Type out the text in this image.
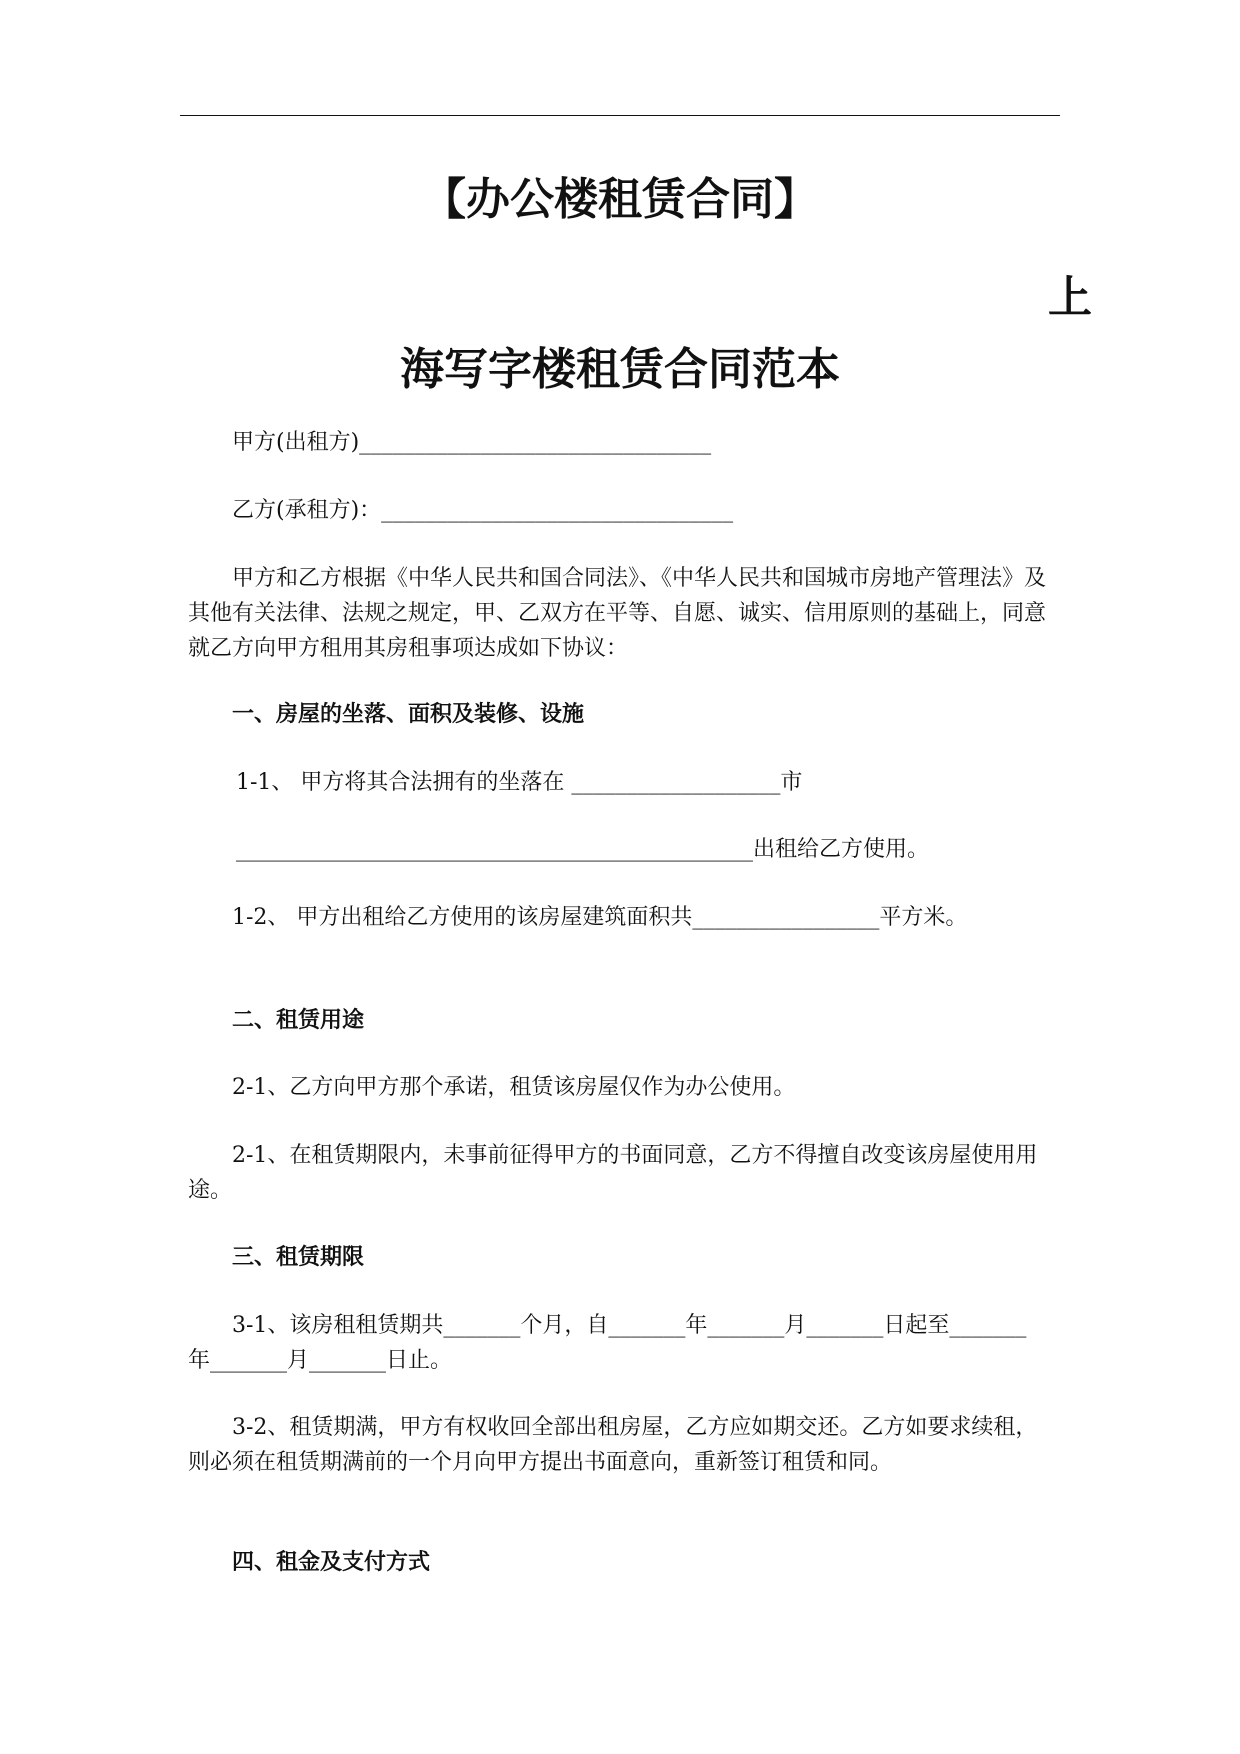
【办公楼租赁合同】
上
海写字楼租赁合同范本

甲方(出租方)________________________________

乙方(承租方)：________________________________

甲方和乙方根据《中华人民共和国合同法》、《中华人民共和国城市房地产管理法》及其他有关法律、法规之规定，甲、乙双方在平等、自愿、诚实、信用原则的基础上，同意就乙方向甲方租用其房租事项达成如下协议：

一、房屋的坐落、面积及装修、设施

1-1、 甲方将其合法拥有的坐落在 ___________________市

_______________________________________________出租给乙方使用。

1-2、 甲方出租给乙方使用的该房屋建筑面积共_________________平方米。

二、租赁用途

2-1、乙方向甲方那个承诺，租赁该房屋仅作为办公使用。

2-1、在租赁期限内，未事前征得甲方的书面同意，乙方不得擅自改变该房屋使用用途。

三、租赁期限

3-1、该房租租赁期共_______个月，自_______年_______月_______日起至_______年_______月_______日止。

3-2、租赁期满，甲方有权收回全部出租房屋，乙方应如期交还。乙方如要求续租，则必须在租赁期满前的一个月向甲方提出书面意向，重新签订租赁和同。

四、租金及支付方式
